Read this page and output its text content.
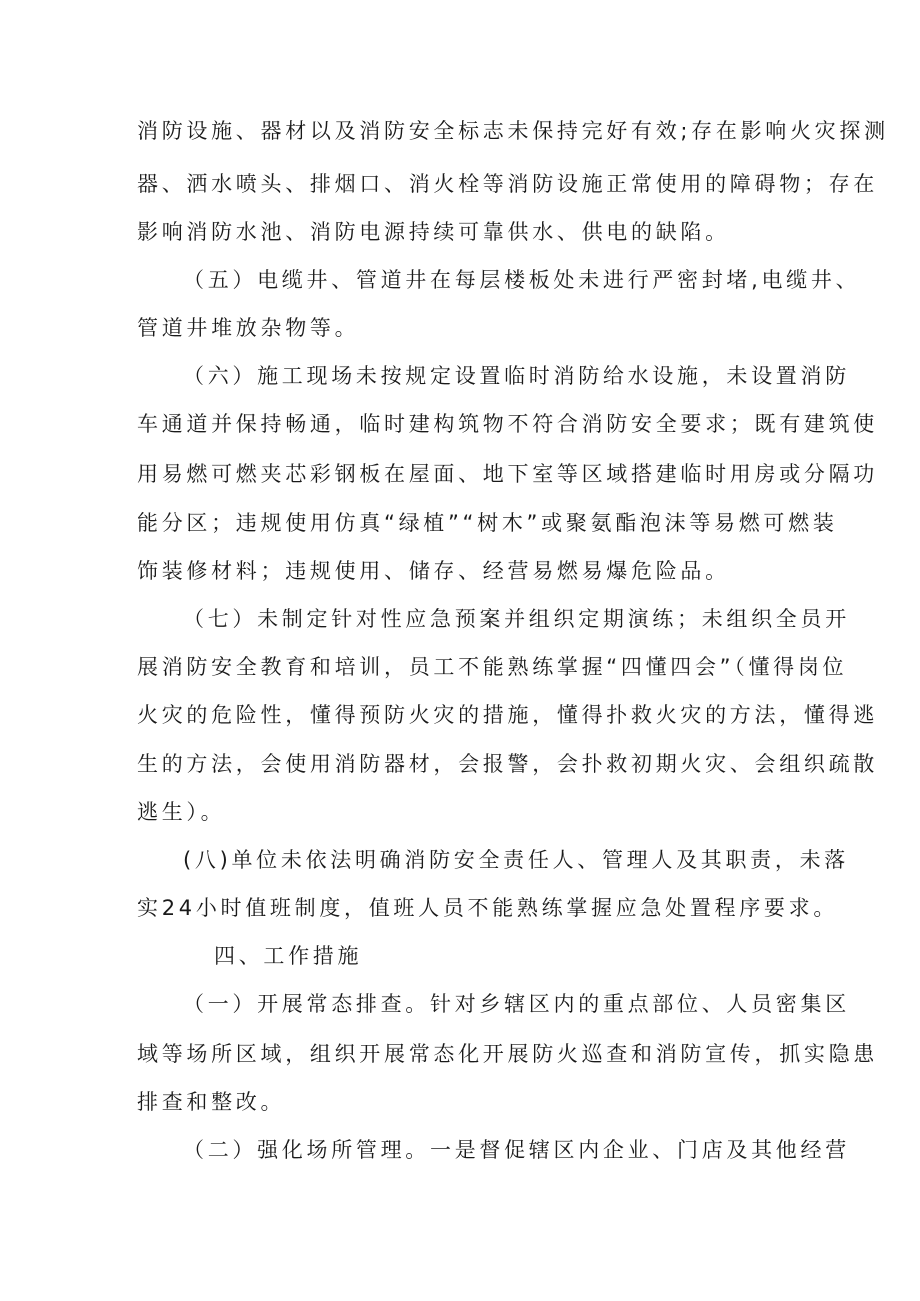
消防设施、器材以及消防安全标志未保持完好有效;存在影响火灾探测
器、洒水喷头、排烟口、消火栓等消防设施正常使用的障碍物；存在
影响消防水池、消防电源持续可靠供水、供电的缺陷。
（五）电缆井、管道井在每层楼板处未进行严密封堵,电缆井、
管道井堆放杂物等。
（六）施工现场未按规定设置临时消防给水设施，未设置消防
车通道并保持畅通，临时建构筑物不符合消防安全要求；既有建筑使
用易燃可燃夹芯彩钢板在屋面、地下室等区域搭建临时用房或分隔功
能分区；违规使用仿真“绿植”“树木”或聚氨酯泡沫等易燃可燃装
饰装修材料；违规使用、储存、经营易燃易爆危险品。
（七）未制定针对性应急预案并组织定期演练；未组织全员开
展消防安全教育和培训，员工不能熟练掌握“四懂四会”（懂得岗位
火灾的危险性，懂得预防火灾的措施，懂得扑救火灾的方法，懂得逃
生的方法，会使用消防器材，会报警，会扑救初期火灾、会组织疏散
逃生）。
(八)单位未依法明确消防安全责任人、管理人及其职责，未落
实24小时值班制度，值班人员不能熟练掌握应急处置程序要求。
四、工作措施
（一）开展常态排查。针对乡辖区内的重点部位、人员密集区
域等场所区域，组织开展常态化开展防火巡查和消防宣传，抓实隐患
排查和整改。
（二）强化场所管理。一是督促辖区内企业、门店及其他经营
